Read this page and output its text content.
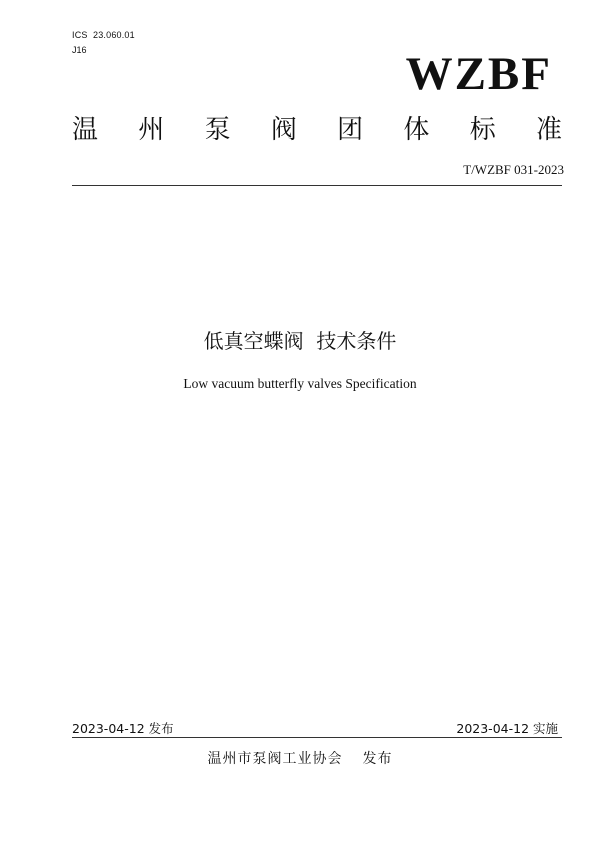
ICS  23.060.01
J16	WZBF
温 州 泵 阀 团 体 标 准
T/WZBF 031-2023
低真空蝶阀  技术条件
Low vacuum butterfly valves Specification
2023-04-12 发布	2023-04-12 实施
温州市泵阀工业协会 发布
